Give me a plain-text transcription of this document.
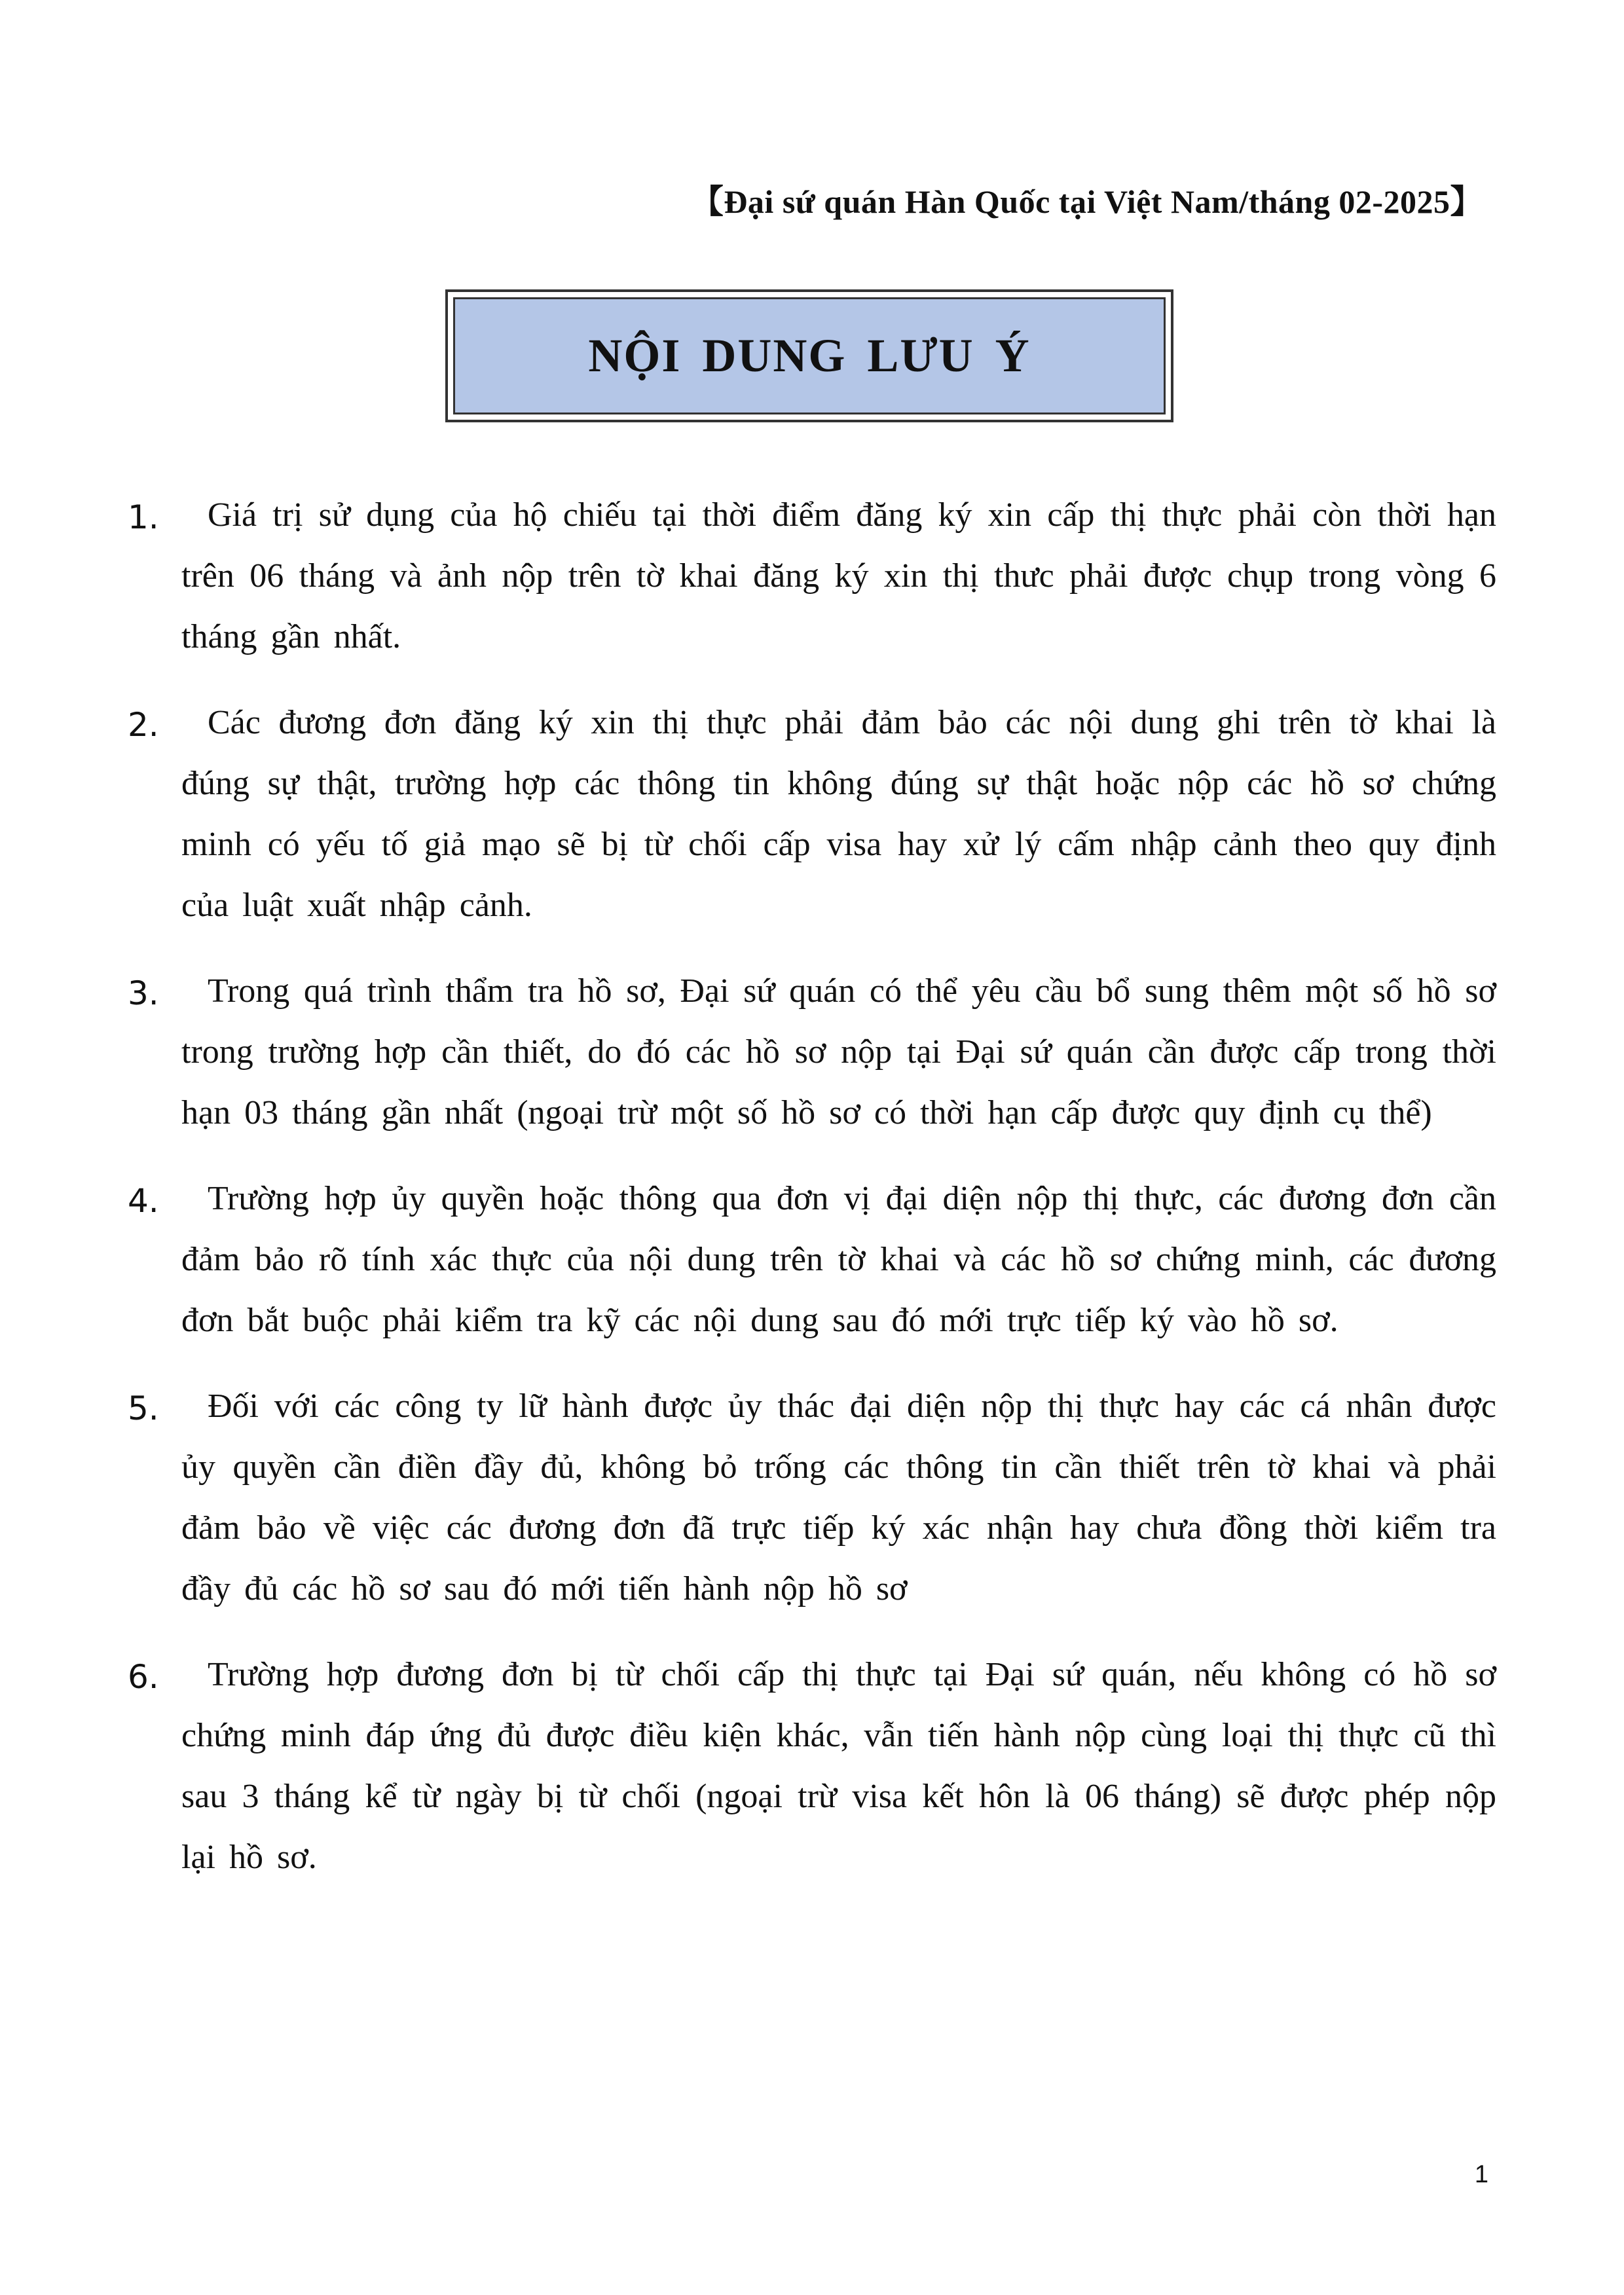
【Đại sứ quán Hàn Quốc tại Việt Nam/tháng 02-2025】
NỘI DUNG LƯU Ý
1.	Giá trị sử dụng của hộ chiếu tại thời điểm đăng ký xin cấp thị thực phải còn thời hạn trên 06 tháng và ảnh nộp trên tờ khai đăng ký xin thị thưc phải được chụp trong vòng 6 tháng gần nhất.
2.	Các đương đơn đăng ký xin thị thực phải đảm bảo các nội dung ghi trên tờ khai là đúng sự thật, trường hợp các thông tin không đúng sự thật hoặc nộp các hồ sơ chứng minh có yếu tố giả mạo sẽ bị từ chối cấp visa hay xử lý cấm nhập cảnh theo quy định của luật xuất nhập cảnh.
3.	Trong quá trình thẩm tra hồ sơ, Đại sứ quán có thể yêu cầu bổ sung thêm một số hồ sơ trong trường hợp cần thiết, do đó các hồ sơ nộp tại Đại sứ quán cần được cấp trong thời hạn 03 tháng gần nhất (ngoại trừ một số hồ sơ có thời hạn cấp được quy định cụ thể)
4.	Trường hợp ủy quyền hoặc thông qua đơn vị đại diện nộp thị thực, các đương đơn cần đảm bảo rõ tính xác thực của nội dung trên tờ khai và các hồ sơ chứng minh, các đương đơn bắt buộc phải kiểm tra kỹ các nội dung sau đó mới trực tiếp ký vào hồ sơ.
5.	Đối với các công ty lữ hành được ủy thác đại diện nộp thị thực hay các cá nhân được ủy quyền cần điền đầy đủ, không bỏ trống các thông tin cần thiết trên tờ khai và phải đảm bảo về việc các đương đơn đã trực tiếp ký xác nhận hay chưa đồng thời kiểm tra đầy đủ các hồ sơ sau đó mới tiến hành nộp hồ sơ
6.	Trường hợp đương đơn bị từ chối cấp thị thực tại Đại sứ quán, nếu không có hồ sơ chứng minh đáp ứng đủ được điều kiện khác, vẫn tiến hành nộp cùng loại thị thực cũ thì sau 3 tháng kể từ ngày bị từ chối (ngoại trừ visa kết hôn là 06 tháng) sẽ được phép nộp lại hồ sơ.
1
